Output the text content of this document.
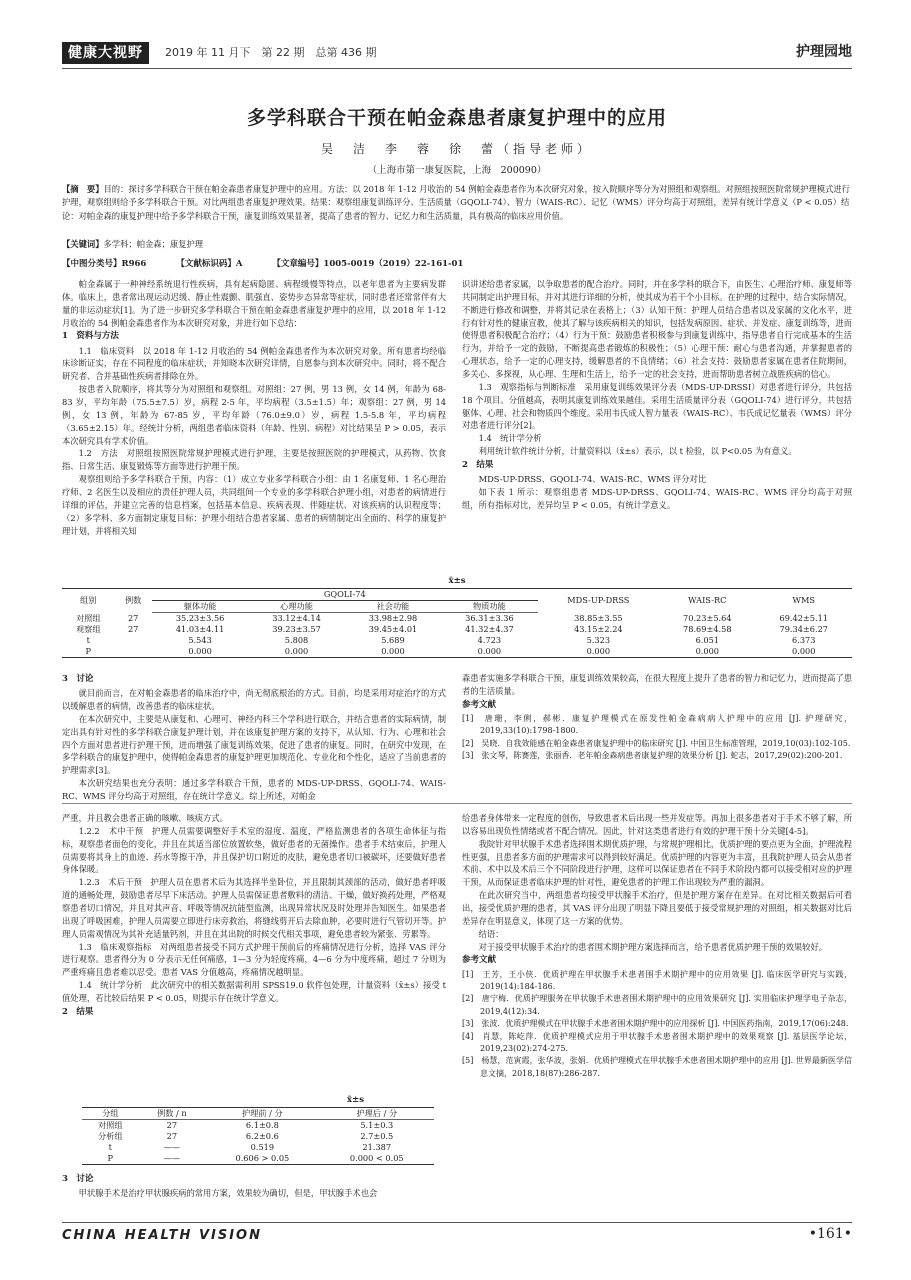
健康大视野	2019 年 11 月下　第 22 期　总第 436 期	护理园地
多学科联合干预在帕金森患者康复护理中的应用
吴　洁　李　蓉　徐　蕾（指导老师）
（上海市第一康复医院，上海　200090）
【摘　要】目的：探讨多学科联合干预在帕金森患者康复护理中的应用。方法：以 2018 年 1-12 月收治的 54 例帕金森患者作为本次研究对象，按入院顺序等分为对照组和观察组。对照组按照医院常规护理模式进行护理，观察组则给予多学科联合干预。对比两组患者康复护理效果。结果：观察组康复训练评分、生活质量（GQOLI-74）、智力（WAIS-RC）、记忆（WMS）评分均高于对照组，差异有统计学意义（P < 0.05）结论：对帕金森的康复护理中给予多学科联合干预，康复训练效果显著，提高了患者的智力、记忆力和生活质量，具有极高的临床应用价值。
【关键词】多学科；帕金森；康复护理
【中图分类号】R966	【文献标识码】A	【文章编号】1005-0019（2019）22-161-01

帕金森属于一种神经系统退行性疾病，具有起病隐匿、病程缓慢等特点，以老年患者为主要病发群体。临床上，患者常出现运动迟缓、静止性震颤、肌强直、姿势步态异常等症状，同时患者还常常伴有大量的非运动症状[1]。为了进一步研究多学科联合干预在帕金森患者康复护理中的应用，以 2018 年 1-12 月收治的 54 例帕金森患者作为本次研究对象，并进行如下总结：

1　资料与方法

1.1　临床资料　以 2018 年 1-12 月收治的 54 例帕金森患者作为本次研究对象。所有患者均经临床诊断证实，存在不同程度的临床症状，并知晓本次研究详情，自愿参与到本次研究中。同时，将不配合研究者、合并基础性疾病者排除在外。

按患者入院顺序，将其等分为对照组和观察组。对照组：27 例，男 13 例，女 14 例，年龄为 68-83 岁，平均年龄（75.5±7.5）岁，病程 2-5 年，平均病程（3.5±1.5）年；观察组：27 例，男 14 例，女 13 例，年龄为 67-85 岁，平均年龄（76.0±9.0）岁，病程 1.5-5.8 年，平均病程（3.65±2.15）年。经统计分析，两组患者临床资料（年龄、性别、病程）对比结果呈 P > 0.05，表示本次研究具有学术价值。

1.2　方法　对照组按照医院常规护理模式进行护理，主要是按照医院的护理模式，从药物、饮食指、日常生活、康复锻炼等方面等进行护理干预。

观察组则给予多学科联合干预，内容：（1）成立专业多学科联合小组：由 1 名康复师、1 名心理治疗师、2 名医生以及相应的责任护理人员，共同组间一个专业的多学科联合护理小组，对患者的病情进行详细的评估，并建立完善的信息档案，包括基本信息、疾病表现、伴随症状、对该疾病的认识程度等；（2）多学科、多方面制定康复目标：护理小组结合患者家属、患者的病情制定出全面的、科学的康复护理计划，并将相关知

识讲述给患者家属，以争取患者的配合治疗。同时，并在多学科的联合下，由医生、心理治疗师、康复师等共同制定出护理目标，并对其进行详细的分析，使其成为若干个小目标。在护理的过程中，结合实际情况，不断进行修改和调整，并将其记录在表格上；（3）认知干预：护理人员结合患者以及家属的文化水平，进行有针对性的健康宣教，使其了解与该疾病相关的知识，包括发病原因、症状、并发症、康复训练等，进而使得患者积极配合治疗；（4）行为干预：鼓励患者积极参与到康复训练中，指导患者自行完成基本的生活行为，并给予一定的鼓励，不断提高患者锻炼的积极性；（5）心理干预：耐心与患者沟通，并掌握患者的心理状态，给予一定的心理支持，缓解患者的不良情绪；（6）社会支持：鼓励患者家属在患者住院期间，多关心、多探视，从心理、生理和生活上，给予一定的社会支持，进而帮助患者树立战胜疾病的信心。

1.3　观察指标与判断标准　采用康复训练效果评分表（MDS-UP-DRSSI）对患者进行评分，共包括 18 个项目。分值越高，表明其康复训练效果越佳。采用生活质量评分表（GQOLI-74）进行评分，共包括躯体、心理、社会和物质四个维度。采用韦氏成人智力量表（WAIS-RC）、韦氏成记忆量表（WMS）评分对患者进行评分[2]。

1.4　统计学分析

利用统计软件统计分析，计量资料以（x̄±s）表示，以 t 检验，以 P<0.05 为有意义。

2　结果

MDS-UP-DRSS、GQOLI-74、WAIS-RC、WMS 评分对比

如下表 1 所示：观察组患者 MDS-UP-DRSS、GQOLI-74、WAIS-RC、WMS 评分均高于对照组，所有指标对比，差异均呈 P < 0.05，有统计学意义。

x̄±s
组别	例数	GQOLI-74				MDS-UP-DRSS	WAIS-RC	WMS
		躯体功能	心理功能	社会功能	物质功能			
对照组	27	35.23±3.56	33.12±4.14	33.98±2.98	36.31±3.36	38.85±3.55	70.23±5.64	69.42±5.11
观察组	27	41.03±4.11	39.23±3.57	39.45±4.01	41.32±4.37	43.15±2.24	78.69±4.58	79.34±6.27
t		5.543	5.808	5.689	4.723	5.323	6.051	6.373
P		0.000	0.000	0.000	0.000	0.000	0.000	0.000
3　讨论

就目前而言，在对帕金森患者的临床治疗中，尚无彻底根治的方式。目前，均是采用对症治疗的方式以缓解患者的病情，改善患者的临床症状。

在本次研究中，主要是从康复和、心理可、神经内科三个学科进行联合，并结合患者的实际病情，制定出具有针对性的多学科联合康复护理计划，并在该康复护理方案的支持下，从认知、行为、心理和社会四个方面对患者进行护理干预，进而增强了康复训练效果，促进了患者的康复。同时，在研究中发现，在多学科联合的康复护理中，使得帕金森患者的康复护理更加规范化、专业化和个性化，适应了当前患者的护理需求[3]。

本次研究结果也充分表明：通过多学科联合干预，患者的 MDS-UP-DRSS、GQOLI-74、WAIS-RC、WMS 评分均高于对照组，存在统计学意义。综上所述，对帕金

森患者实施多学科联合干预，康复训练效果较高，在很大程度上提升了患者的智力和记忆力，进而提高了患者的生活质量。

参考文献
[1]　唐珊，李俐，郝彬．康复护理模式在原发性帕金森病病人护理中的应用 [J]. 护理研究，2019,33(10):1798-1800.
[2]　吴晓．自我效能感在帕金森患者康复护理中的临床研究 [J]. 中国卫生标准管理，2019,10(03):102-105.
[3]　张文琴，陈赛莲，张丽香．老年帕金森病患者康复护理的效果分析 [J]. 蛇志，2017,29(02):200-201.

严重，并且教会患者正确的咳嗽、咳痰方式。

1.2.2　术中干预　护理人员需要调整好手术室的湿度、温度，严格监测患者的各项生命体征与指标，观察患者面色的变化，并且在其适当部位放置软垫，做好患者的无菌操作。患者手术结束后，护理人员需要将其身上的血迹、药水等擦干净，并且保护切口附近的皮肤，避免患者切口被碳坏，还要做好患者身体保暖。

1.2.3　术后干预　护理人员在患者术后为其选择半坐卧位，并且限制其颈部的活动，做好患者呼吸道的通畅处理，鼓励患者尽早下床活动。护理人员需保证患者敷料的清洁、干燥，做好换药处理，严格观察患者切口情况，并且对其声音、呼吸等情况抗能型监测，出现异常状况及时处理并告知医生。如果患者出现了呼吸困难，护理人员需要立即进行床旁救治，将缝线剪开后去除血肿，必要时进行气管切开等。护理人员需观情况为其补充适量钙剂，并且在其出院的时候交代相关事项，避免患者较为紧张、劳累等。

1.3　临床观察指标　对两组患者接受不同方式护理干预前后的疼痛情况进行分析，选择 VAS 评分进行观察。患者得分为 0 分表示无任何痛感，1—3 分为轻度疼痛，4—6 分为中度疼痛，超过 7 分则为严重疼痛且患者难以忍受。患者 VAS 分值越高，疼痛情况越明显。

1.4　统计学分析　此次研究中的相关数据需利用 SPSS19.0 软件包处理，计量资料（x̄±s）接受 t 值处理，若比较后结果 P < 0.05，则提示存在统计学意义。

2　结果
x̄±s
分组	例数 / n	护理前 / 分	护理后 / 分
对照组	27	6.1±0.8	5.1±0.3
分析组	27	6.2±0.6	2.7±0.5
t	——	0.519	21.387
P	——	0.606 > 0.05	0.000 < 0.05
3　讨论

甲状腺手术是治疗甲状腺疾病的常用方案，效果较为确切，但是，甲状腺手术也会

给患者身体带来一定程度的创伤，导致患者术后出现一些并发症等。再加上很多患者对于手术不够了解，所以容易出现负性情绪或者不配合情况。因此，针对这类患者进行有效的护理干预十分关键[4-5]。

我院针对甲状腺手术患者选择围术期优质护理，与常规护理相比，优质护理的要点更为全面，护理流程性更强，且患者多方面的护理需求可以得到较好满足。优质护理的内容更为丰富，且我院护理人员会从患者术前、术中以及术后三个不同阶段进行护理，这样可以保证患者在不同手术阶段内都可以接受相对应的护理干预，从而保证患者临床护理的针对性，避免患者的护理工作出现较为严重的漏洞。

在此次研究当中，两组患者均接受甲状腺手术治疗，但是护理方案存在差异。在对比相关数据后可看出，接受优质护理的患者，其 VAS 评分出现了明显下降且要低于接受常规护理的对照组，相关数据对比后差异存在明显意义，体现了这一方案的优势。

结语：

对于接受甲状腺手术治疗的患者围术期护理方案选择而言，给予患者优质护理干预的效果较好。

参考文献
[1]　王芳，王小侠．优质护理在甲状腺手术患者围手术期护理中的应用效果 [J]. 临床医学研究与实践，2019(14):184-186.
[2]　唐宁梅．优质护理服务在甲状腺手术患者围术期护理中的应用效果研究 [J]. 实用临床护理学电子杂志，2019,4(12):34.
[3]　张波．优质护理模式在甲状腺手术患者围术期护理中的应用探析 [J]. 中国医药指南，2019,17(06):248.
[4]　肖慧，陈屹萍．优质护理模式应用于甲状腺手术患者围术期护理中的效果观察 [J]. 基层医学论坛，2019,23(02):274-275.
[5]　杨慧，范寅霞，张华波，张娟．优质护理模式在甲状腺手术患者围术期护理中的应用 [J]. 世界最新医学信息文摘，2018,18(87):286-287.
CHINA HEALTH VISION	•161•
